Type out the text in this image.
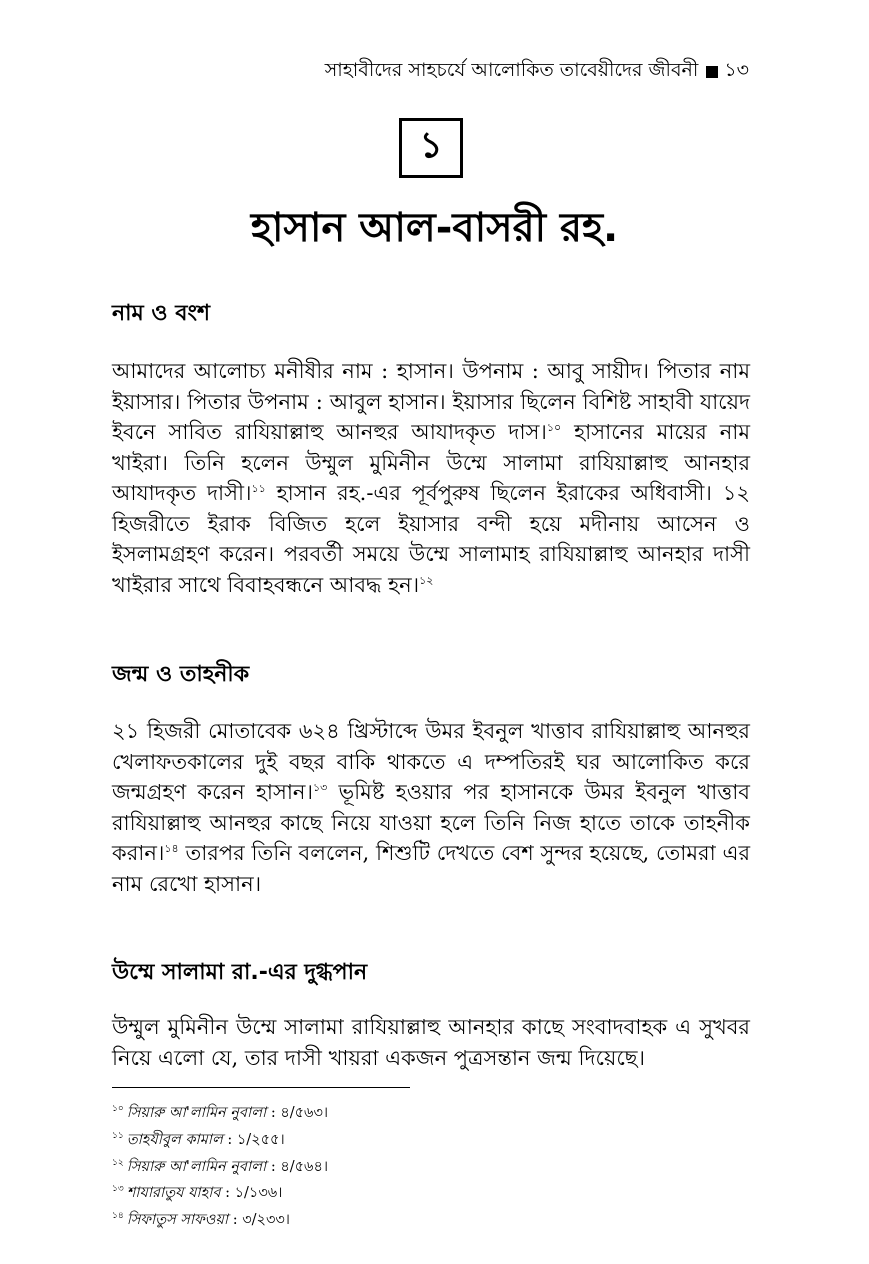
সাহাবীদের সাহচর্যে আলোকিত তাবেয়ীদের জীবনী ১৩
১
হাসান আল-বাসরী রহ.
নাম ও বংশ
আমাদের আলোচ্য মনীষীর নাম : হাসান। উপনাম : আবু সায়ীদ। পিতার নাম ইয়াসার। পিতার উপনাম : আবুল হাসান। ইয়াসার ছিলেন বিশিষ্ট সাহাবী যায়েদ ইবনে সাবিত রাযিয়াল্লাহু আনহুর আযাদকৃত দাস।$^{১০}$ হাসানের মায়ের নাম খাইরা। তিনি হলেন উম্মুল মুমিনীন উম্মে সালামা রাযিয়াল্লাহু আনহার আযাদকৃত দাসী।$^{১১}$ হাসান রহ.-এর পূর্বপুরুষ ছিলেন ইরাকের অধিবাসী। ১২ হিজরীতে ইরাক বিজিত হলে ইয়াসার বন্দী হয়ে মদীনায় আসেন ও ইসলামগ্রহণ করেন। পরবর্তী সময়ে উম্মে সালামাহ রাযিয়াল্লাহু আনহার দাসী খাইরার সাথে বিবাহবন্ধনে আবদ্ধ হন।$^{১২}$
জন্ম ও তাহনীক
২১ হিজরী মোতাবেক ৬২৪ খ্রিস্টাব্দে উমর ইবনুল খাত্তাব রাযিয়াল্লাহু আনহুর খেলাফতকালের দুই বছর বাকি থাকতে এ দম্পতিরই ঘর আলোকিত করে জন্মগ্রহণ করেন হাসান।$^{১৩}$ ভূমিষ্ট হওয়ার পর হাসানকে উমর ইবনুল খাত্তাব রাযিয়াল্লাহু আনহুর কাছে নিয়ে যাওয়া হলে তিনি নিজ হাতে তাকে তাহনীক করান।$^{১৪}$ তারপর তিনি বললেন, শিশুটি দেখতে বেশ সুন্দর হয়েছে, তোমরা এর নাম রেখো হাসান।
উম্মে সালামা রা.-এর দুগ্ধপান
উম্মুল মুমিনীন উম্মে সালামা রাযিয়াল্লাহু আনহার কাছে সংবাদবাহক এ সুখবর নিয়ে এলো যে, তার দাসী খায়রা একজন পুত্রসন্তান জন্ম দিয়েছে।
$^{১০}$ সিয়ারু আ'লামিন নুবালা : ৪/৫৬৩।
$^{১১}$ তাহযীবুল কামাল : ১/২৫৫।
$^{১২}$ সিয়ারু আ'লামিন নুবালা : ৪/৫৬৪।
$^{১৩}$ শাযারাতুয যাহাব : ১/১৩৬।
$^{১৪}$ সিফাতুস সাফওয়া : ৩/২৩৩।
